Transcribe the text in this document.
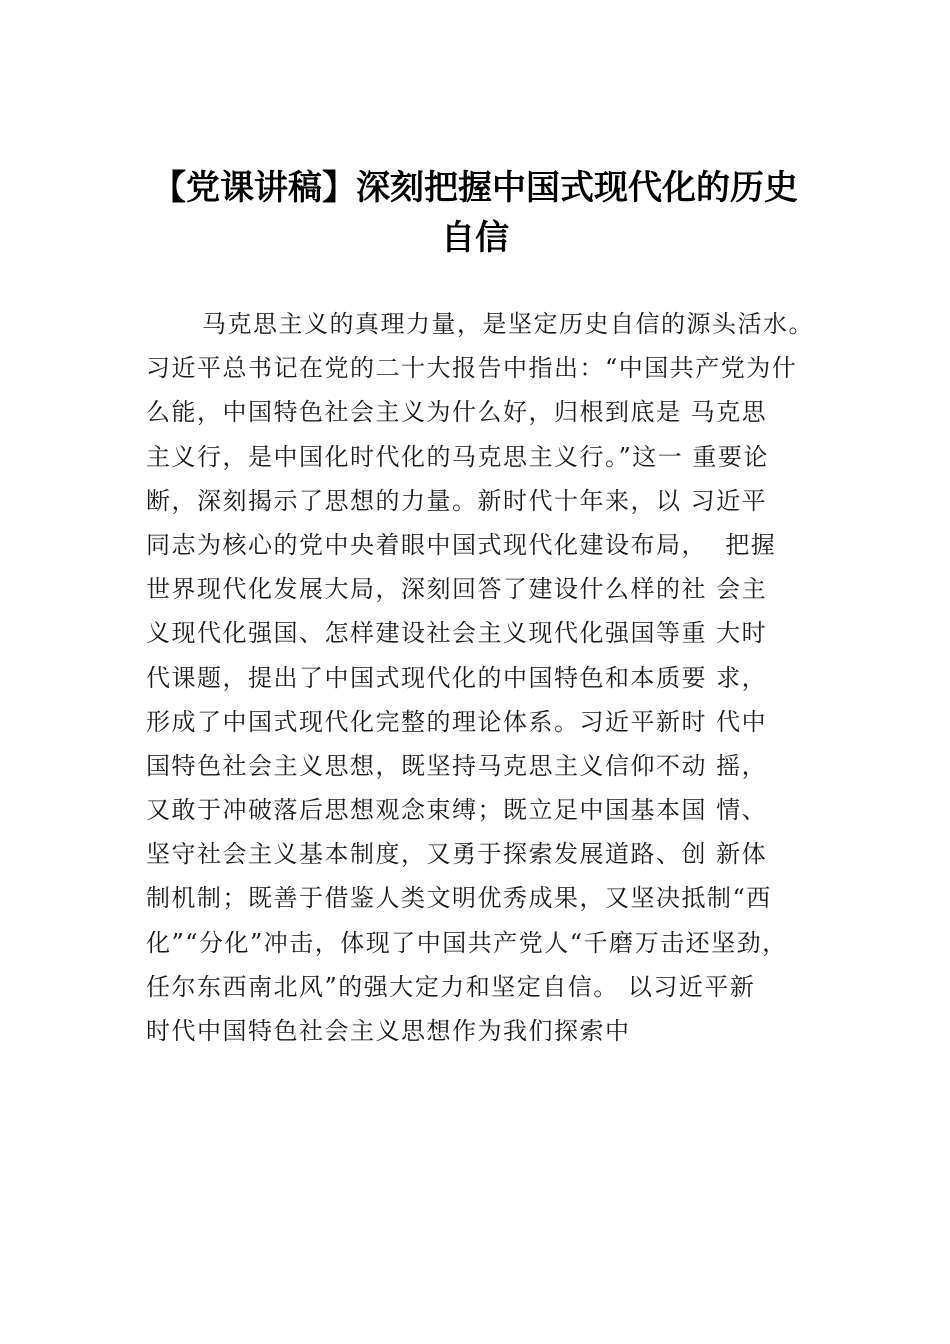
【党课讲稿】深刻把握中国式现代化的历史
自信
马克思主义的真理力量，是坚定历史自信的源头活水。
习近平总书记在党的二十大报告中指出：“中国共产党为什
么能，中国特色社会主义为什么好，归根到底是 马克思
主义行，是中国化时代化的马克思主义行。”这一 重要论
断，深刻揭示了思想的力量。新时代十年来，以 习近平
同志为核心的党中央着眼中国式现代化建设布局，  把握
世界现代化发展大局，深刻回答了建设什么样的社 会主
义现代化强国、怎样建设社会主义现代化强国等重 大时
代课题，提出了中国式现代化的中国特色和本质要 求，
形成了中国式现代化完整的理论体系。习近平新时 代中
国特色社会主义思想，既坚持马克思主义信仰不动 摇，
又敢于冲破落后思想观念束缚；既立足中国基本国 情、
坚守社会主义基本制度，又勇于探索发展道路、创 新体
制机制；既善于借鉴人类文明优秀成果，又坚决抵制“西
化”“分化”冲击，体现了中国共产党人“千磨万击还坚劲，
任尔东西南北风”的强大定力和坚定自信。 以习近平新
时代中国特色社会主义思想作为我们探索中
